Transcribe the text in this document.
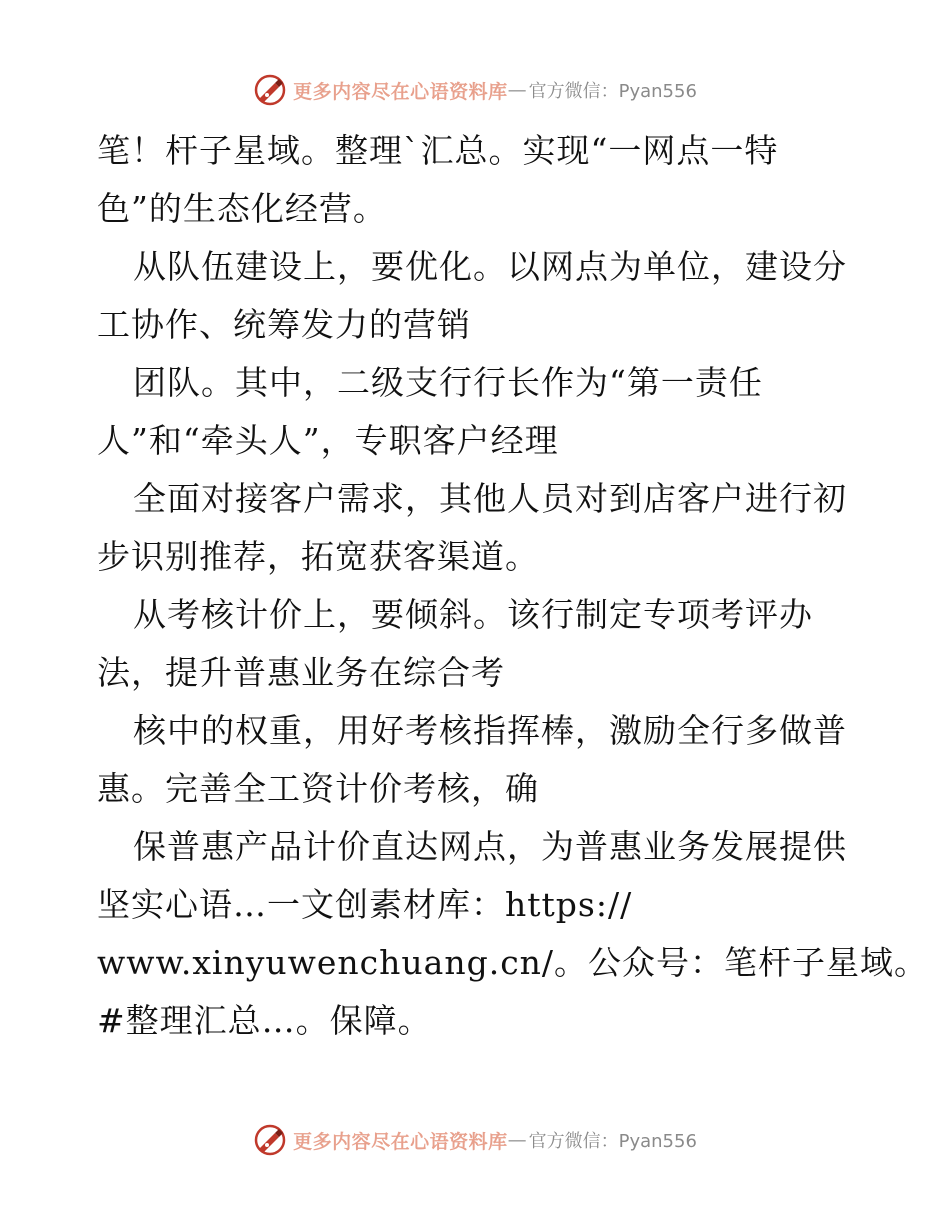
更多内容尽在心语资料库 — 官方微信：Pyan556
笔！杆子星域。整理`汇总。实现“一网点一特
色”的生态化经营。
从队伍建设上，要优化。以网点为单位，建设分
工协作、统筹发力的营销
团队。其中，二级支行行长作为“第一责任
人”和“牵头人”，专职客户经理
全面对接客户需求，其他人员对到店客户进行初
步识别推荐，拓宽获客渠道。
从考核计价上，要倾斜。该行制定专项考评办
法，提升普惠业务在综合考
核中的权重，用好考核指挥棒，激励全行多做普
惠。完善全工资计价考核，确
保普惠产品计价直达网点，为普惠业务发展提供
坚实心语…一文创素材库：https://
www.xinyuwenchuang.cn/。公众号：笔杆子星域。
#整理汇总…。保障。
更多内容尽在心语资料库 — 官方微信：Pyan556
